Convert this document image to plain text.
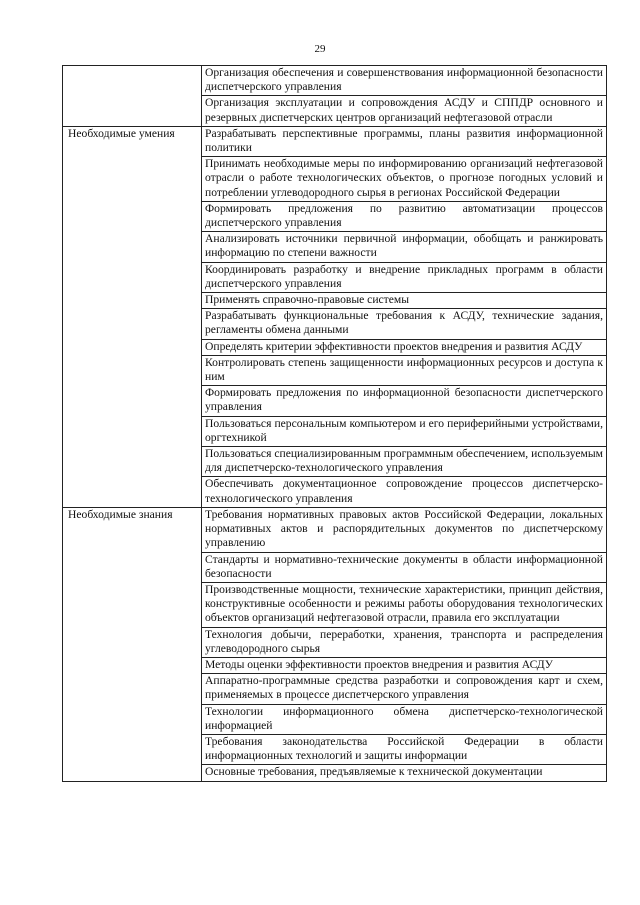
29
	Организация обеспечения и совершенствования информационной безопасности диспетчерского управления
	Организация эксплуатации и сопровождения АСДУ и СППДР основного и резервных диспетчерских центров организаций нефтегазовой отрасли
Необходимые умения	Разрабатывать перспективные программы, планы развития информационной политики
	Принимать необходимые меры по информированию организаций нефтегазовой отрасли о работе технологических объектов, о прогнозе погодных условий и потреблении углеводородного сырья в регионах Российской Федерации
	Формировать предложения по развитию автоматизации процессов диспетчерского управления
	Анализировать источники первичной информации, обобщать и ранжировать информацию по степени важности
	Координировать разработку и внедрение прикладных программ в области диспетчерского управления
	Применять справочно-правовые системы
	Разрабатывать функциональные требования к АСДУ, технические задания, регламенты обмена данными
	Определять критерии эффективности проектов внедрения и развития АСДУ
	Контролировать степень защищенности информационных ресурсов и доступа к ним
	Формировать предложения по информационной безопасности диспетчерского управления
	Пользоваться персональным компьютером и его периферийными устройствами, оргтехникой
	Пользоваться специализированным программным обеспечением, используемым для диспетчерско-технологического управления
	Обеспечивать документационное сопровождение процессов диспетчерско-технологического управления
Необходимые знания	Требования нормативных правовых актов Российской Федерации, локальных нормативных актов и распорядительных документов по диспетчерскому управлению
	Стандарты и нормативно-технические документы в области информационной безопасности
	Производственные мощности, технические характеристики, принцип действия, конструктивные особенности и режимы работы оборудования технологических объектов организаций нефтегазовой отрасли, правила его эксплуатации
	Технология добычи, переработки, хранения, транспорта и распределения углеводородного сырья
	Методы оценки эффективности проектов внедрения и развития АСДУ
	Аппаратно-программные средства разработки и сопровождения карт и схем, применяемых в процессе диспетчерского управления
	Технологии информационного обмена диспетчерско-технологической информацией
	Требования законодательства Российской Федерации в области информационных технологий и защиты информации
	Основные требования, предъявляемые к технической документации
